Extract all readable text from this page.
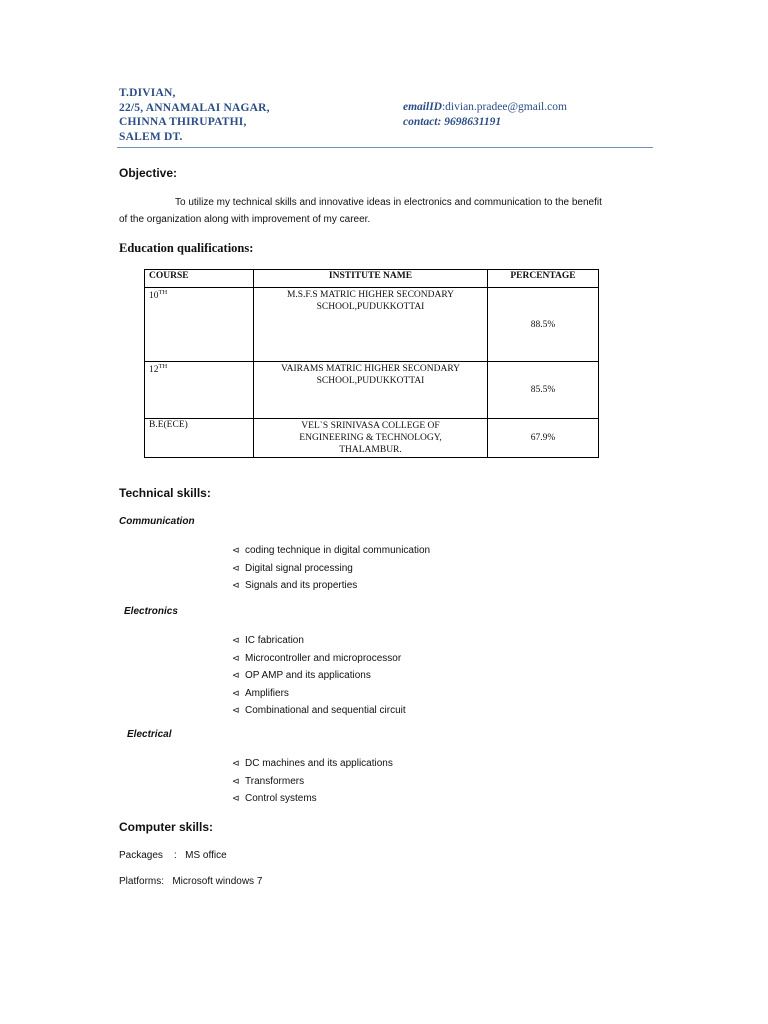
T.DIVIAN,
22/5, ANNAMALAI NAGAR,
CHINNA THIRUPATHI,
SALEM DT.
emailID:divian.pradee@gmail.com
contact: 9698631191
Objective:
To utilize my technical skills and innovative ideas in electronics and communication to the benefit
of the organization along with improvement of my career.
Education qualifications:
COURSE	INSTITUTE NAME	PERCENTAGE
10TH	M.S.F.S MATRIC HIGHER SECONDARY
SCHOOL,PUDUKKOTTAI	88.5%
12TH	VAIRAMS MATRIC HIGHER SECONDARY
SCHOOL,PUDUKKOTTAI	85.5%
B.E(ECE)	VEL`S SRINIVASA COLLEGE OF
ENGINEERING & TECHNOLOGY,
THALAMBUR.	67.9%
Technical skills:
Communication
⊲ coding technique in digital communication
⊲ Digital signal processing
⊲ Signals and its properties
Electronics
⊲ IC fabrication
⊲ Microcontroller and microprocessor
⊲ OP AMP and its applications
⊲ Amplifiers
⊲ Combinational and sequential circuit
Electrical
⊲ DC machines and its applications
⊲ Transformers
⊲ Control systems
Computer skills:
Packages    :   MS office
Platforms:   Microsoft windows 7
